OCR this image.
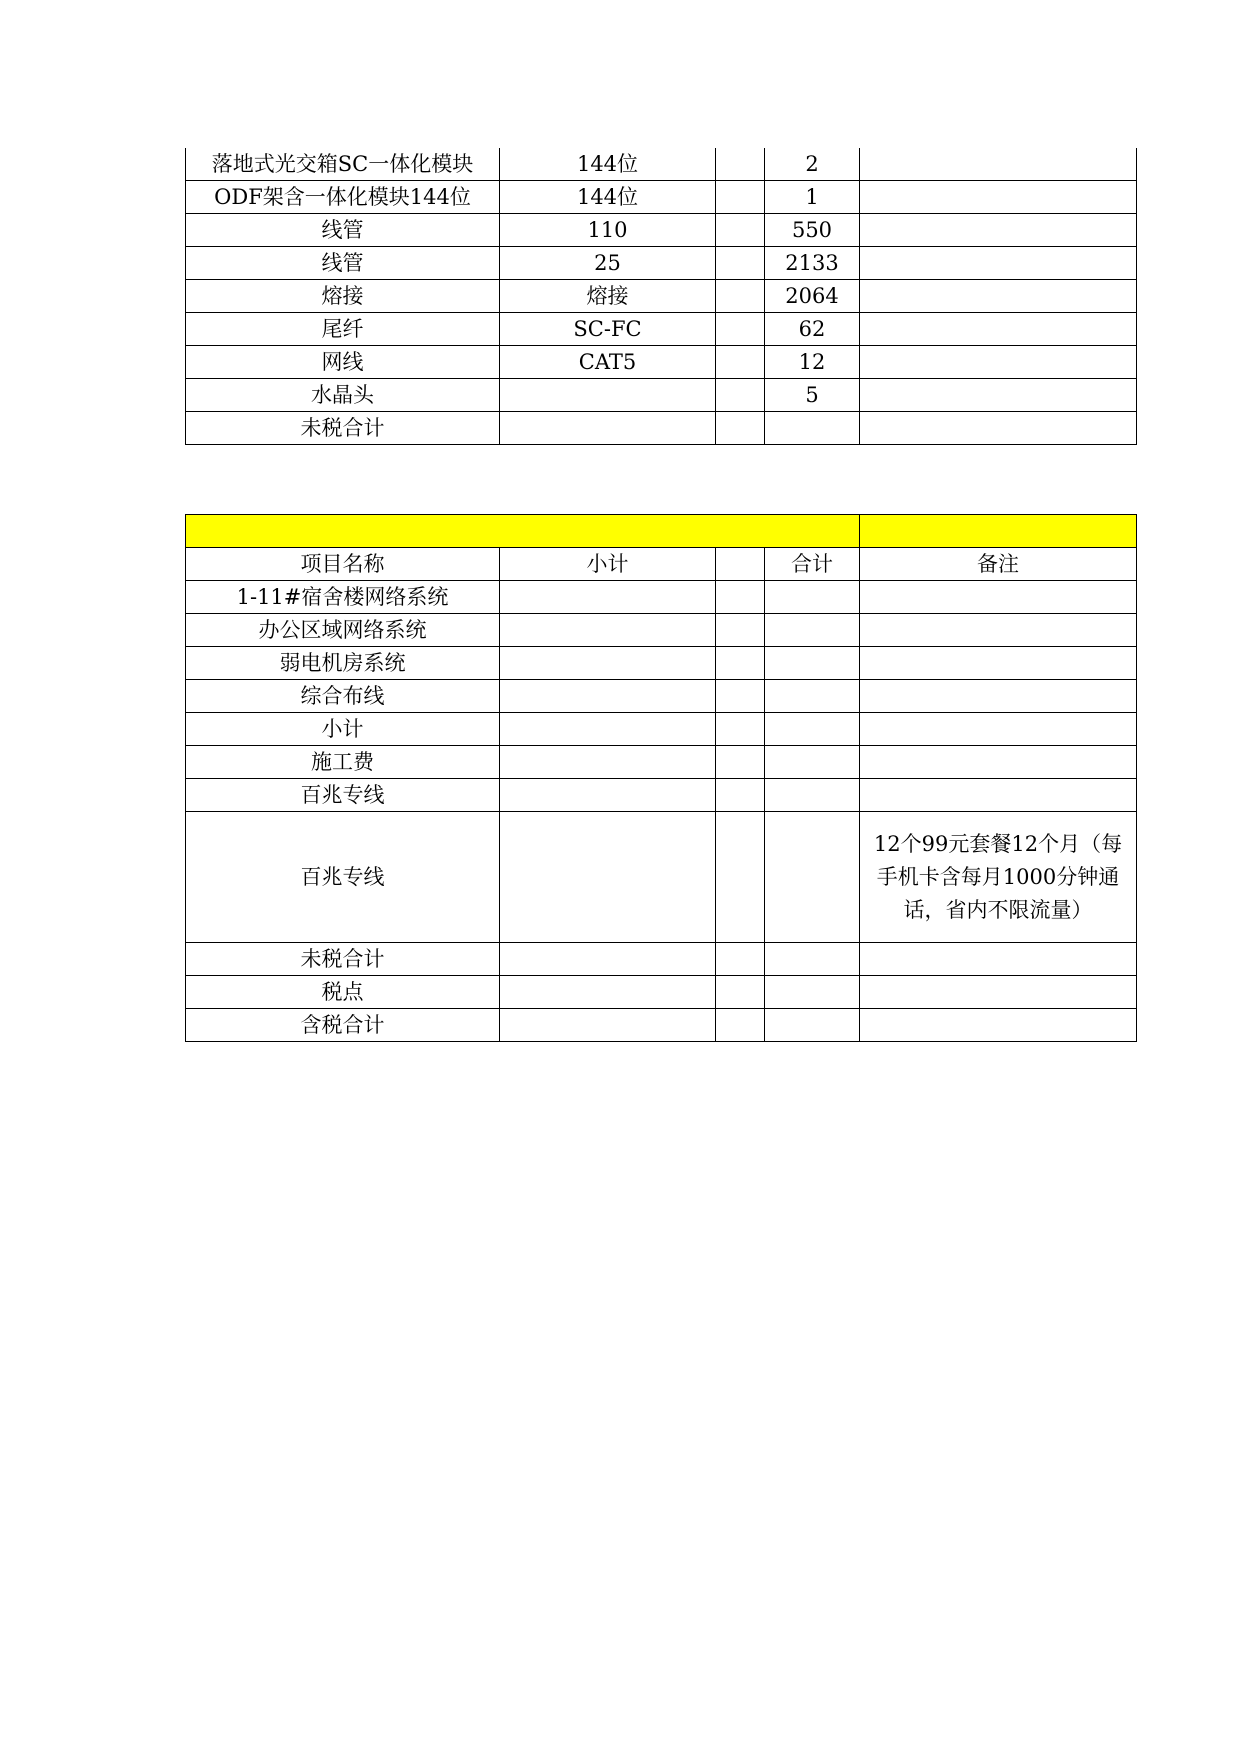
落地式光交箱SC一体化模块	144位		2	
ODF架含一体化模块144位	144位		1	
线管	110		550	
线管	25		2133	
熔接	熔接		2064	
尾纤	SC-FC		62	
网线	CAT5		12	
水晶头			5	
未税合计				

项目名称	小计		合计	备注
1-11#宿舍楼网络系统				
办公区域网络系统				
弱电机房系统				
综合布线				
小计				
施工费				
百兆专线				
百兆专线				12个99元套餐12个月（每手机卡含每月1000分钟通话，省内不限流量）
未税合计				
税点				
含税合计				
